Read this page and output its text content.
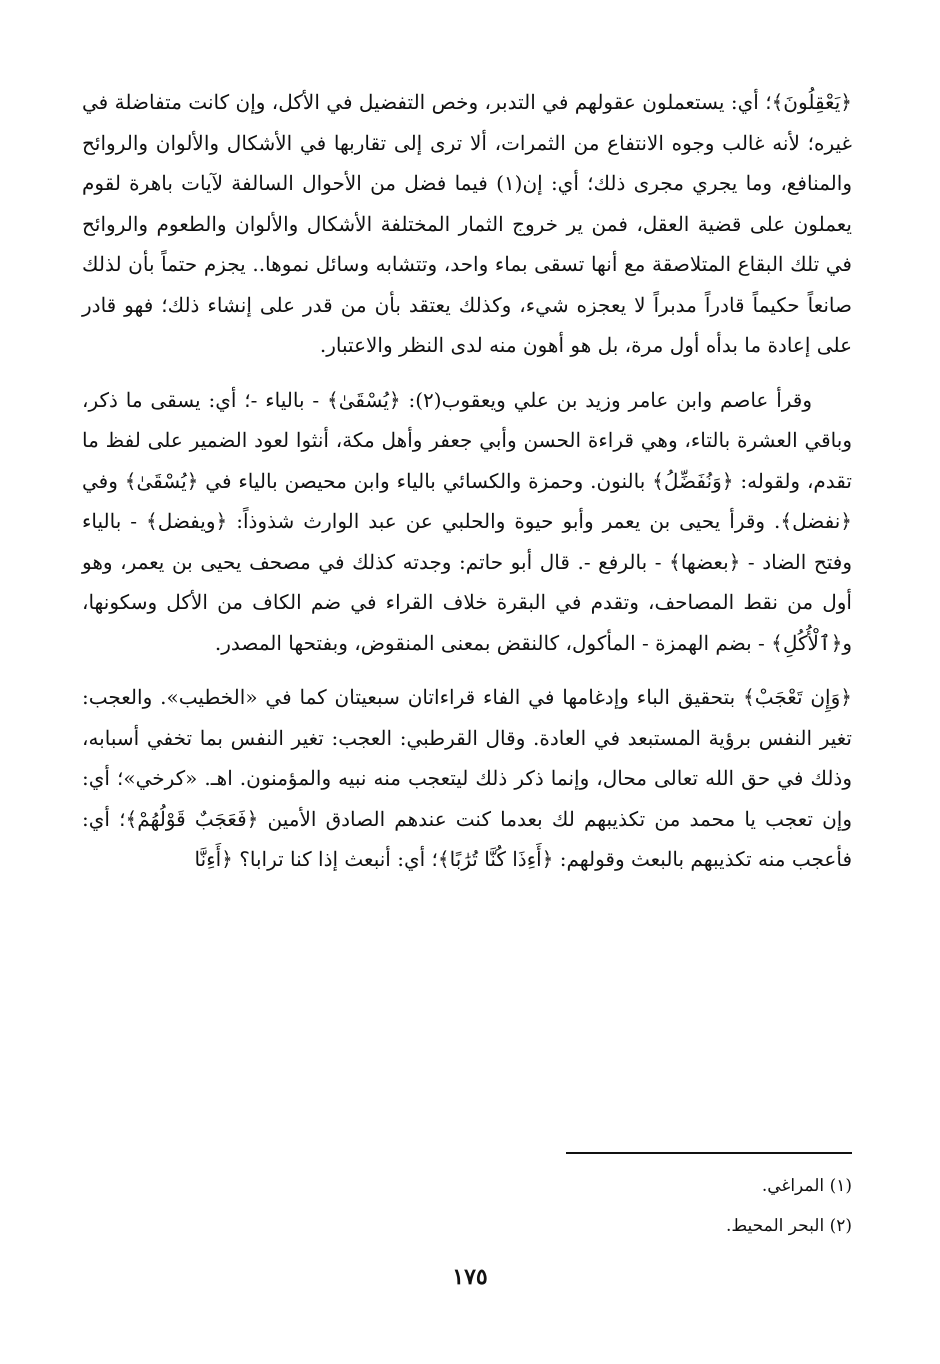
﴿يَعْقِلُونَ﴾؛ أي: يستعملون عقولهم في التدبر، وخص التفضيل في الأكل، وإن كانت متفاضلة في غيره؛ لأنه غالب وجوه الانتفاع من الثمرات، ألا ترى إلى تقاربها في الأشكال والألوان والروائح والمنافع، وما يجري مجرى ذلك؛ أي: إن(١) فيما فضل من الأحوال السالفة لآيات باهرة لقوم يعملون على قضية العقل، فمن ير خروج الثمار المختلفة الأشكال والألوان والطعوم والروائح في تلك البقاع المتلاصقة مع أنها تسقى بماء واحد، وتتشابه وسائل نموها.. يجزم حتماً بأن لذلك صانعاً حكيماً قادراً مدبراً لا يعجزه شيء، وكذلك يعتقد بأن من قدر على إنشاء ذلك؛ فهو قادر على إعادة ما بدأه أول مرة، بل هو أهون منه لدى النظر والاعتبار.

وقرأ عاصم وابن عامر وزيد بن علي ويعقوب(٢): ﴿يُسْقَىٰ﴾ - بالياء -؛ أي: يسقى ما ذكر، وباقي العشرة بالتاء، وهي قراءة الحسن وأبي جعفر وأهل مكة، أنثوا لعود الضمير على لفظ ما تقدم، ولقوله: ﴿وَنُفَضِّلُ﴾ بالنون. وحمزة والكسائي بالياء وابن محيصن بالياء في ﴿يُسْقَىٰ﴾ وفي ﴿نفضل﴾. وقرأ يحيى بن يعمر وأبو حيوة والحلبي عن عبد الوارث شذوذاً: ﴿ويفضل﴾ - بالياء وفتح الضاد - ﴿بعضها﴾ - بالرفع -. قال أبو حاتم: وجدته كذلك في مصحف يحيى بن يعمر، وهو أول من نقط المصاحف، وتقدم في البقرة خلاف القراء في ضم الكاف من الأكل وسكونها، و﴿ٱلْأُكُلِ﴾ - بضم الهمزة - المأكول، كالنقض بمعنى المنقوض، وبفتحها المصدر.

﴿وَإِن تَعْجَبْ﴾ بتحقيق الباء وإدغامها في الفاء قراءاتان سبعيتان كما في «الخطيب». والعجب: تغير النفس برؤية المستبعد في العادة. وقال القرطبي: العجب: تغير النفس بما تخفي أسبابه، وذلك في حق الله تعالى محال، وإنما ذكر ذلك ليتعجب منه نبيه والمؤمنون. اهـ. «كرخي»؛ أي: وإن تعجب يا محمد من تكذيبهم لك بعدما كنت عندهم الصادق الأمين ﴿فَعَجَبٌ قَوْلُهُمْ﴾؛ أي: فأعجب منه تكذيبهم بالبعث وقولهم: ﴿أَءِذَا كُنَّا تُرَٰبًا﴾؛ أي: أنبعث إذا كنا ترابا؟ ﴿أَءِنَّا

(١) المراغي.

(٢) البحر المحيط.

١٧٥
